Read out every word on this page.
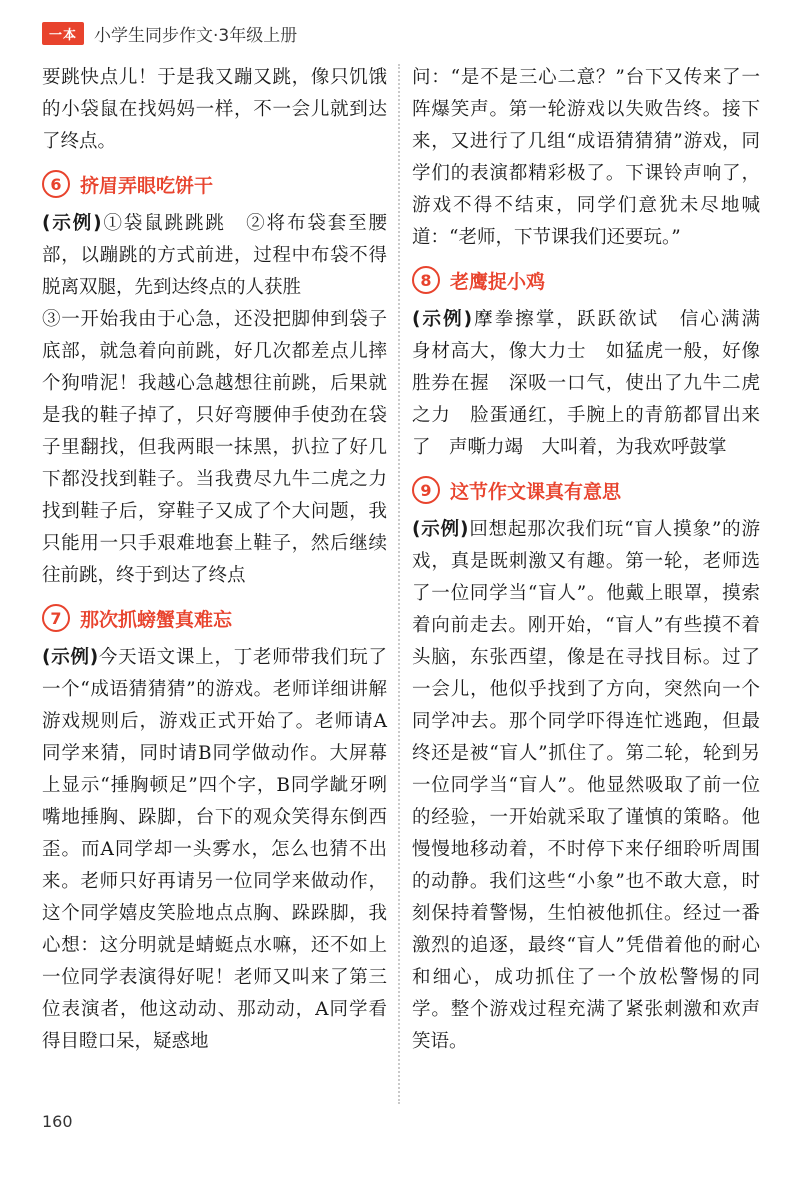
一本	小学生同步作文·3年级上册

要跳快点儿！于是我又蹦又跳，像只饥饿的小袋鼠在找妈妈一样，不一会儿就到达了终点。

6 挤眉弄眼吃饼干

(示例)①袋鼠跳跳跳　②将布袋套至腰部，以蹦跳的方式前进，过程中布袋不得脱离双腿，先到达终点的人获胜

③一开始我由于心急，还没把脚伸到袋子底部，就急着向前跳，好几次都差点儿摔个狗啃泥！我越心急越想往前跳，后果就是我的鞋子掉了，只好弯腰伸手使劲在袋子里翻找，但我两眼一抹黑，扒拉了好几下都没找到鞋子。当我费尽九牛二虎之力找到鞋子后，穿鞋子又成了个大问题，我只能用一只手艰难地套上鞋子，然后继续往前跳，终于到达了终点

7 那次抓螃蟹真难忘

(示例)今天语文课上，丁老师带我们玩了一个“成语猜猜猜”的游戏。老师详细讲解游戏规则后，游戏正式开始了。老师请A同学来猜，同时请B同学做动作。大屏幕上显示“捶胸顿足”四个字，B同学龇牙咧嘴地捶胸、跺脚，台下的观众笑得东倒西歪。而A同学却一头雾水，怎么也猜不出来。老师只好再请另一位同学来做动作，这个同学嬉皮笑脸地点点胸、跺跺脚，我心想：这分明就是蜻蜓点水嘛，还不如上一位同学表演得好呢！老师又叫来了第三位表演者，他这动动、那动动，A同学看得目瞪口呆，疑惑地

问：“是不是三心二意？”台下又传来了一阵爆笑声。第一轮游戏以失败告终。接下来，又进行了几组“成语猜猜猜”游戏，同学们的表演都精彩极了。下课铃声响了，游戏不得不结束，同学们意犹未尽地喊道：“老师，下节课我们还要玩。”

8 老鹰捉小鸡

(示例)摩拳擦掌，跃跃欲试　信心满满　身材高大，像大力士　如猛虎一般，好像胜券在握　深吸一口气，使出了九牛二虎之力　脸蛋通红，手腕上的青筋都冒出来了　声嘶力竭　大叫着，为我欢呼鼓掌

9 这节作文课真有意思

(示例)回想起那次我们玩“盲人摸象”的游戏，真是既刺激又有趣。第一轮，老师选了一位同学当“盲人”。他戴上眼罩，摸索着向前走去。刚开始，“盲人”有些摸不着头脑，东张西望，像是在寻找目标。过了一会儿，他似乎找到了方向，突然向一个同学冲去。那个同学吓得连忙逃跑，但最终还是被“盲人”抓住了。第二轮，轮到另一位同学当“盲人”。他显然吸取了前一位的经验，一开始就采取了谨慎的策略。他慢慢地移动着，不时停下来仔细聆听周围的动静。我们这些“小象”也不敢大意，时刻保持着警惕，生怕被他抓住。经过一番激烈的追逐，最终“盲人”凭借着他的耐心和细心，成功抓住了一个放松警惕的同学。整个游戏过程充满了紧张刺激和欢声笑语。

160
